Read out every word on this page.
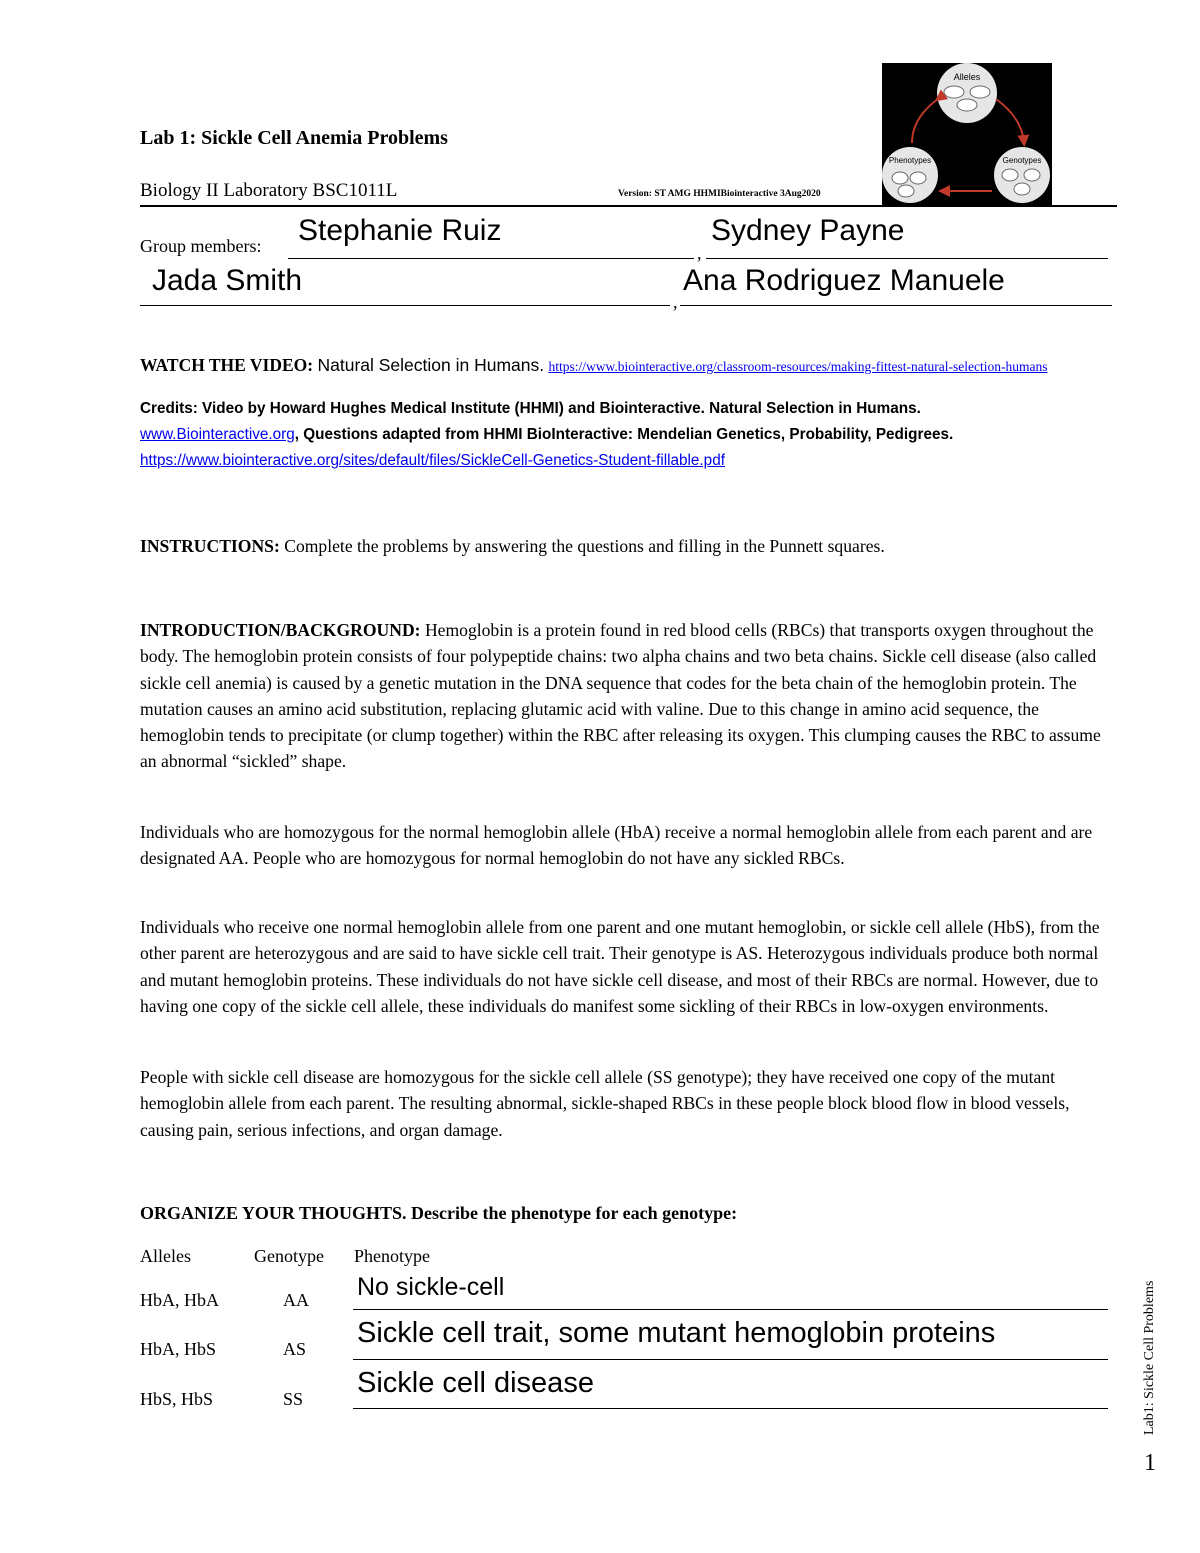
Lab 1: Sickle Cell Anemia Problems
Biology II Laboratory BSC1011L	Version: ST AMG HHMIBiointeractive 3Aug2020
Alleles
Phenotypes	Genotypes
Group members: Stephanie Ruiz
,
Sydney Payne
Jada Smith
,
Ana Rodriguez Manuele
WATCH THE VIDEO: Natural Selection in Humans. https://www.biointeractive.org/classroom-resources/making-fittest-natural-selection-humans
Credits: Video by Howard Hughes Medical Institute (HHMI) and Biointeractive. Natural Selection in Humans.
www.Biointeractive.org, Questions adapted from HHMI BioInteractive: Mendelian Genetics, Probability, Pedigrees.
https://www.biointeractive.org/sites/default/files/SickleCell-Genetics-Student-fillable.pdf
INSTRUCTIONS: Complete the problems by answering the questions and filling in the Punnett squares.
INTRODUCTION/BACKGROUND: Hemoglobin is a protein found in red blood cells (RBCs) that transports oxygen throughout the body. The hemoglobin protein consists of four polypeptide chains: two alpha chains and two beta chains. Sickle cell disease (also called sickle cell anemia) is caused by a genetic mutation in the DNA sequence that codes for the beta chain of the hemoglobin protein. The mutation causes an amino acid substitution, replacing glutamic acid with valine. Due to this change in amino acid sequence, the hemoglobin tends to precipitate (or clump together) within the RBC after releasing its oxygen. This clumping causes the RBC to assume an abnormal “sickled” shape.
Individuals who are homozygous for the normal hemoglobin allele (HbA) receive a normal hemoglobin allele from each parent and are designated AA. People who are homozygous for normal hemoglobin do not have any sickled RBCs.
Individuals who receive one normal hemoglobin allele from one parent and one mutant hemoglobin, or sickle cell allele (HbS), from the other parent are heterozygous and are said to have sickle cell trait. Their genotype is AS. Heterozygous individuals produce both normal and mutant hemoglobin proteins. These individuals do not have sickle cell disease, and most of their RBCs are normal. However, due to having one copy of the sickle cell allele, these individuals do manifest some sickling of their RBCs in low-oxygen environments.
People with sickle cell disease are homozygous for the sickle cell allele (SS genotype); they have received one copy of the mutant hemoglobin allele from each parent. The resulting abnormal, sickle-shaped RBCs in these people block blood flow in blood vessels, causing pain, serious infections, and organ damage.
ORGANIZE YOUR THOUGHTS. Describe the phenotype for each genotype:
Alleles	Genotype Phenotype
HbA, HbA	AA No sickle-cell
HbA, HbS	AS Sickle cell trait, some mutant hemoglobin proteins
HbS, HbS	SS Sickle cell disease	Lab1: Sickle Cell Problems
1
